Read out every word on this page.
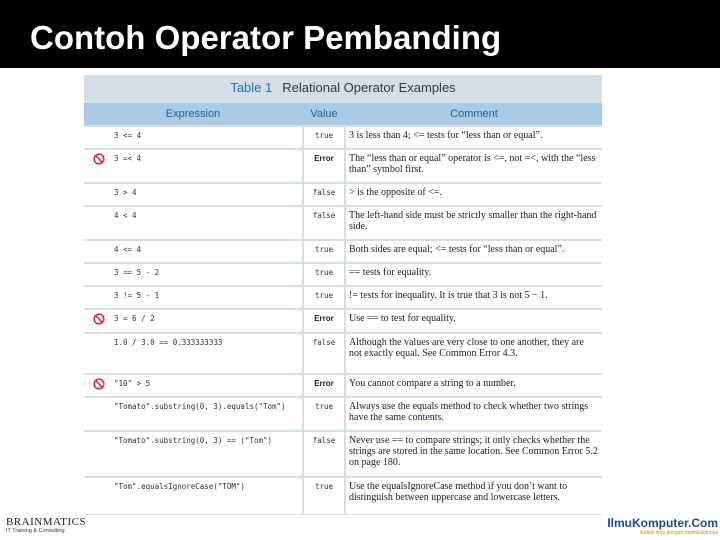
Contoh Operator Pembanding
Table 1 Relational Operator Examples
Expression	Value	Comment
3 <= 4	true	3 is less than 4; <= tests for “less than or equal”.
3 =< 4	Error	The “less than or equal” operator is <=, not =<, with the “less than” symbol first.
3 > 4	false	> is the opposite of <=.
4 < 4	false	The left-hand side must be strictly smaller than the right-hand side.
4 <= 4	true	Both sides are equal; <= tests for “less than or equal”.
3 == 5 - 2	true	== tests for equality.
3 != 5 - 1	true	!= tests for inequality. It is true that 3 is not 5 − 1.
3 = 6 / 2	Error	Use == to test for equality.
1.0 / 3.0 == 0.333333333	false	Although the values are very close to one another, they are not exactly equal. See Common Error 4.3.
"10" > 5	Error	You cannot compare a string to a number.
"Tomato".substring(0, 3).equals("Tom")	true	Always use the equals method to check whether two strings have the same contents.
"Tomato".substring(0, 3) == ("Tom")	false	Never use == to compare strings; it only checks whether the strings are stored in the same location. See Common Error 5.2 on page 180.
"Tom".equalsIgnoreCase("TOM")	true	Use the equalsIgnoreCase method if you don’t want to distinguish between uppercase and lowercase letters.
BRAINMATICS
IT Training & Consulting
IlmuKomputer.Com
ikatlah ilmu dengan menuliskannya
